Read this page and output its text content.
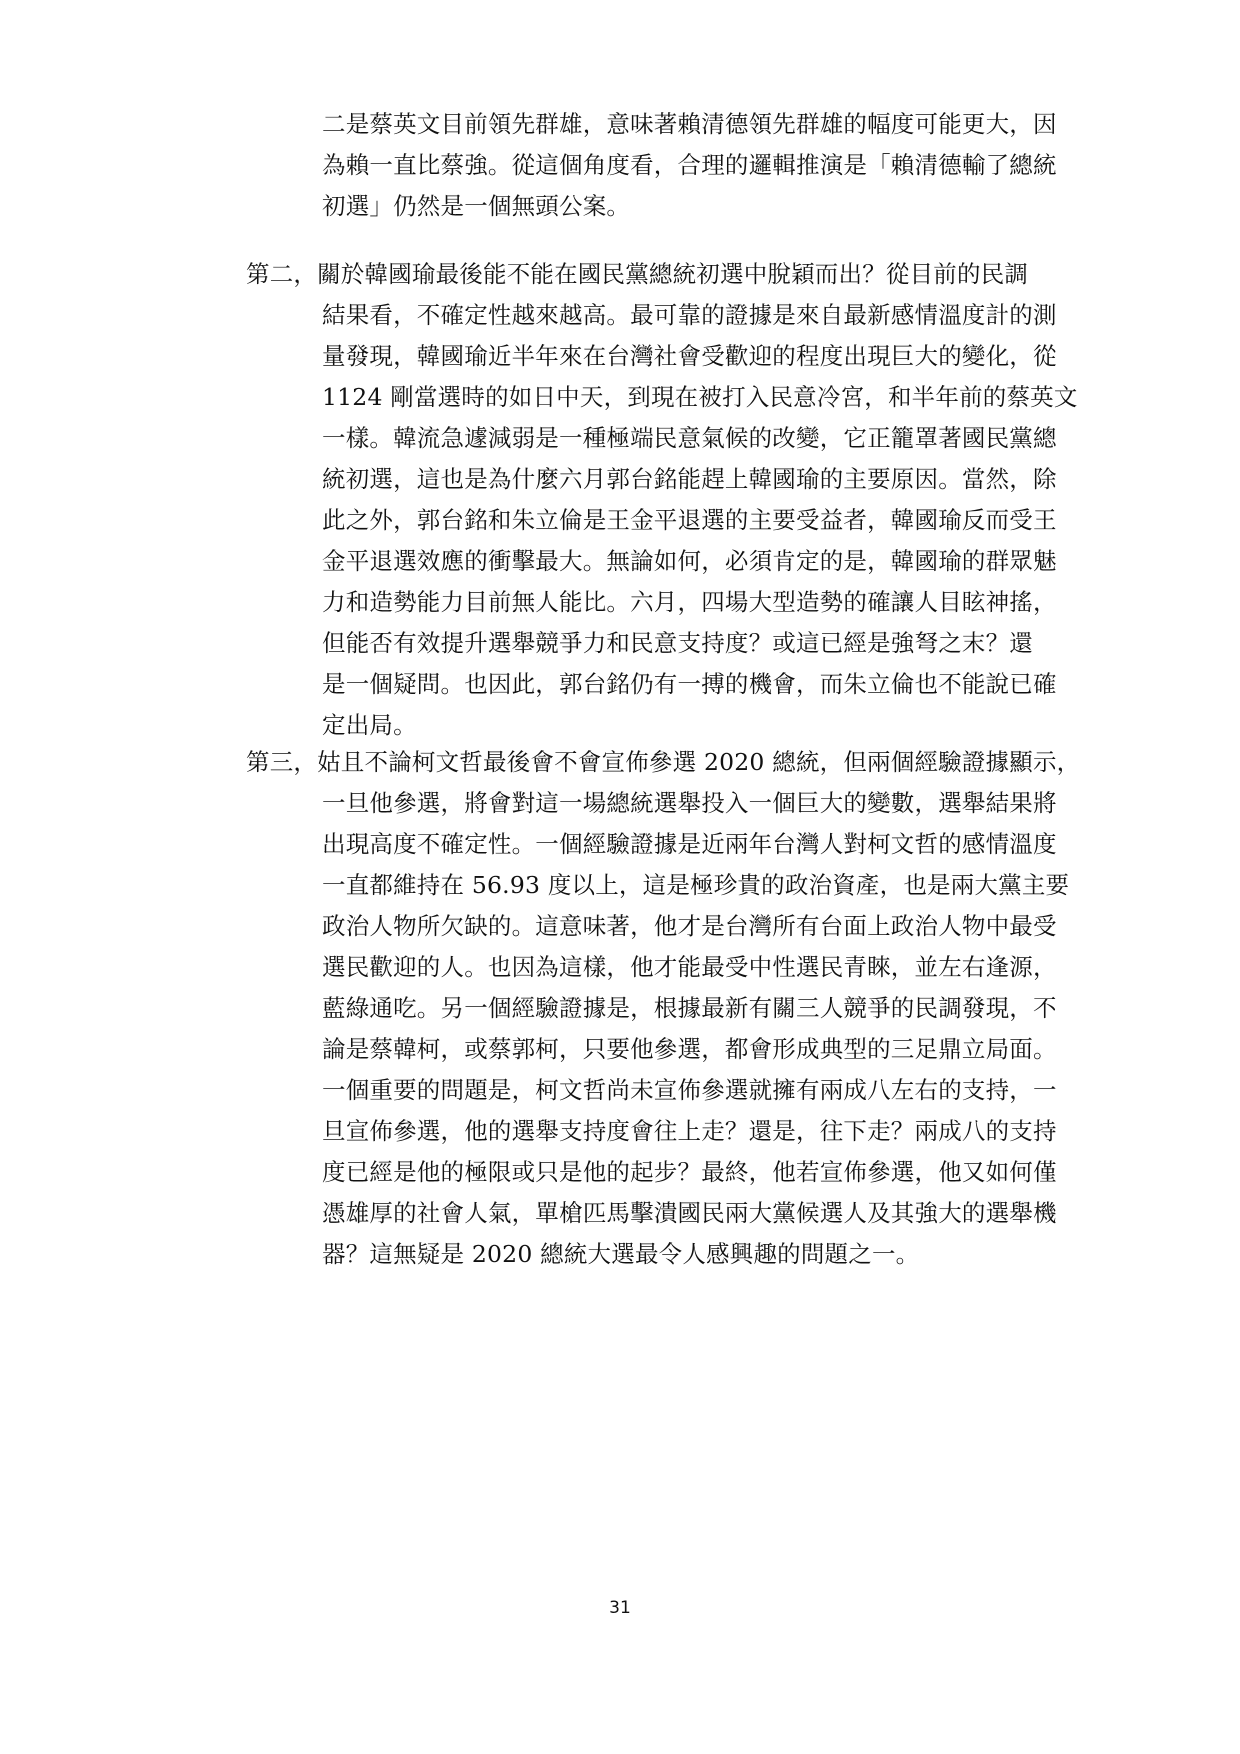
二是蔡英文目前領先群雄，意味著賴清德領先群雄的幅度可能更大，因
為賴一直比蔡強。從這個角度看，合理的邏輯推演是「賴清德輸了總統
初選」仍然是一個無頭公案。
第二，關於韓國瑜最後能不能在國民黨總統初選中脫穎而出？從目前的民調
結果看，不確定性越來越高。最可靠的證據是來自最新感情溫度計的測
量發現，韓國瑜近半年來在台灣社會受歡迎的程度出現巨大的變化，從
1124 剛當選時的如日中天，到現在被打入民意冷宮，和半年前的蔡英文
一樣。韓流急遽減弱是一種極端民意氣候的改變，它正籠罩著國民黨總
統初選，這也是為什麼六月郭台銘能趕上韓國瑜的主要原因。當然，除
此之外，郭台銘和朱立倫是王金平退選的主要受益者，韓國瑜反而受王
金平退選效應的衝擊最大。無論如何，必須肯定的是，韓國瑜的群眾魅
力和造勢能力目前無人能比。六月，四場大型造勢的確讓人目眩神搖，
但能否有效提升選舉競爭力和民意支持度？或這已經是強弩之末？還
是一個疑問。也因此，郭台銘仍有一搏的機會，而朱立倫也不能說已確
定出局。
第三，姑且不論柯文哲最後會不會宣佈參選 2020 總統，但兩個經驗證據顯示，
一旦他參選，將會對這一場總統選舉投入一個巨大的變數，選舉結果將
出現高度不確定性。一個經驗證據是近兩年台灣人對柯文哲的感情溫度
一直都維持在 56.93 度以上，這是極珍貴的政治資產，也是兩大黨主要
政治人物所欠缺的。這意味著，他才是台灣所有台面上政治人物中最受
選民歡迎的人。也因為這樣，他才能最受中性選民青睞，並左右逢源，
藍綠通吃。另一個經驗證據是，根據最新有關三人競爭的民調發現，不
論是蔡韓柯，或蔡郭柯，只要他參選，都會形成典型的三足鼎立局面。
一個重要的問題是，柯文哲尚未宣佈參選就擁有兩成八左右的支持，一
旦宣佈參選，他的選舉支持度會往上走？還是，往下走？兩成八的支持
度已經是他的極限或只是他的起步？最終，他若宣佈參選，他又如何僅
憑雄厚的社會人氣，單槍匹馬擊潰國民兩大黨候選人及其強大的選舉機
器？這無疑是 2020 總統大選最令人感興趣的問題之一。
31
